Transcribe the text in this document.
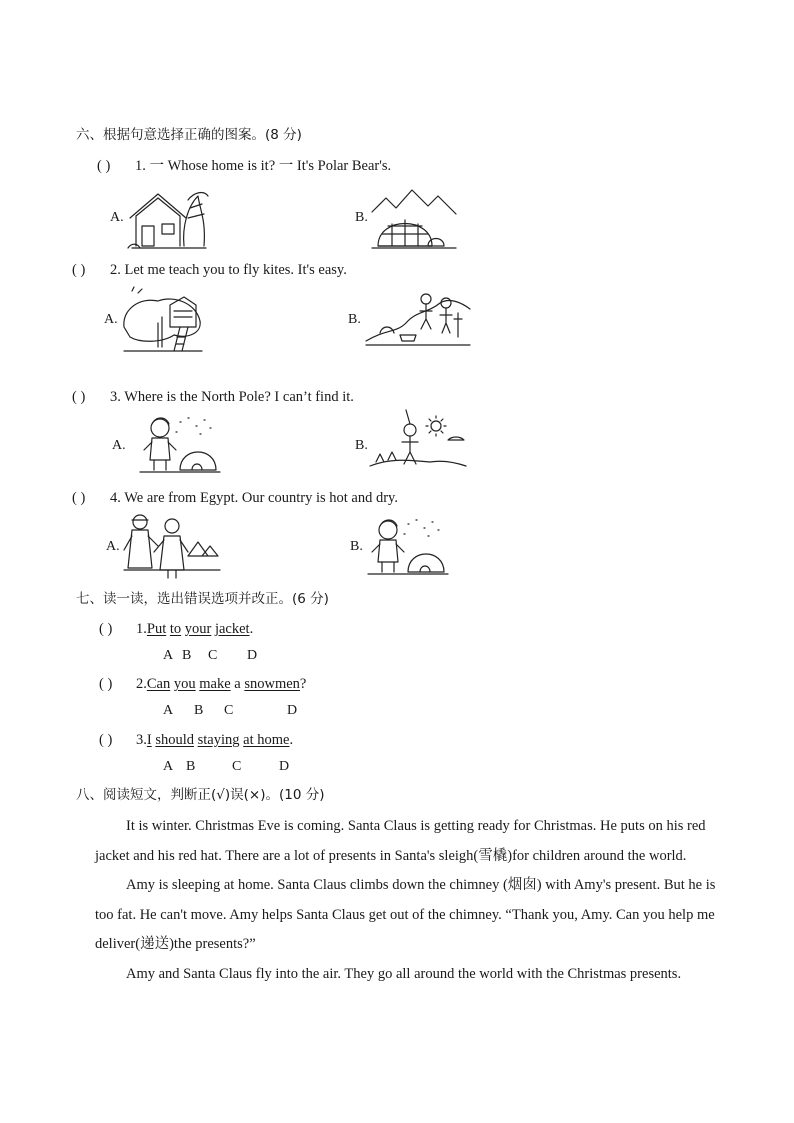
六、根据句意选择正确的图案。(8 分)
( ) 1. 一 Whose home is it? 一 It's Polar Bear's.
A.	B.
( ) 2. Let me teach you to fly kites. It's easy.
A.	B.
( ) 3. Where is the North Pole? I can’t find it.
A.	B.
( ) 4. We are from Egypt. Our country is hot and dry.
A.	B.
七、读一读，选出错误选项并改正。(6 分)
( ) 1.Put to your jacket.
A B C D
( ) 2.Can you make a snowmen?
A B C	D
( ) 3.I should staying at home.
A B	C	D
八、阅读短文，判断正(√)误(×)。(10 分)

It is winter. Christmas Eve is coming. Santa Claus is getting ready for Christmas. He puts on his red jacket and his red hat. There are a lot of presents in Santa's sleigh(雪橇)for children around the world.

Amy is sleeping at home. Santa Claus climbs down the chimney (烟囱) with Amy's present. But he is too fat. He can't move. Amy helps Santa Claus get out of the chimney. “Thank you, Amy. Can you help me deliver(递送)the presents?”

Amy and Santa Claus fly into the air. They go all around the world with the Christmas presents.
